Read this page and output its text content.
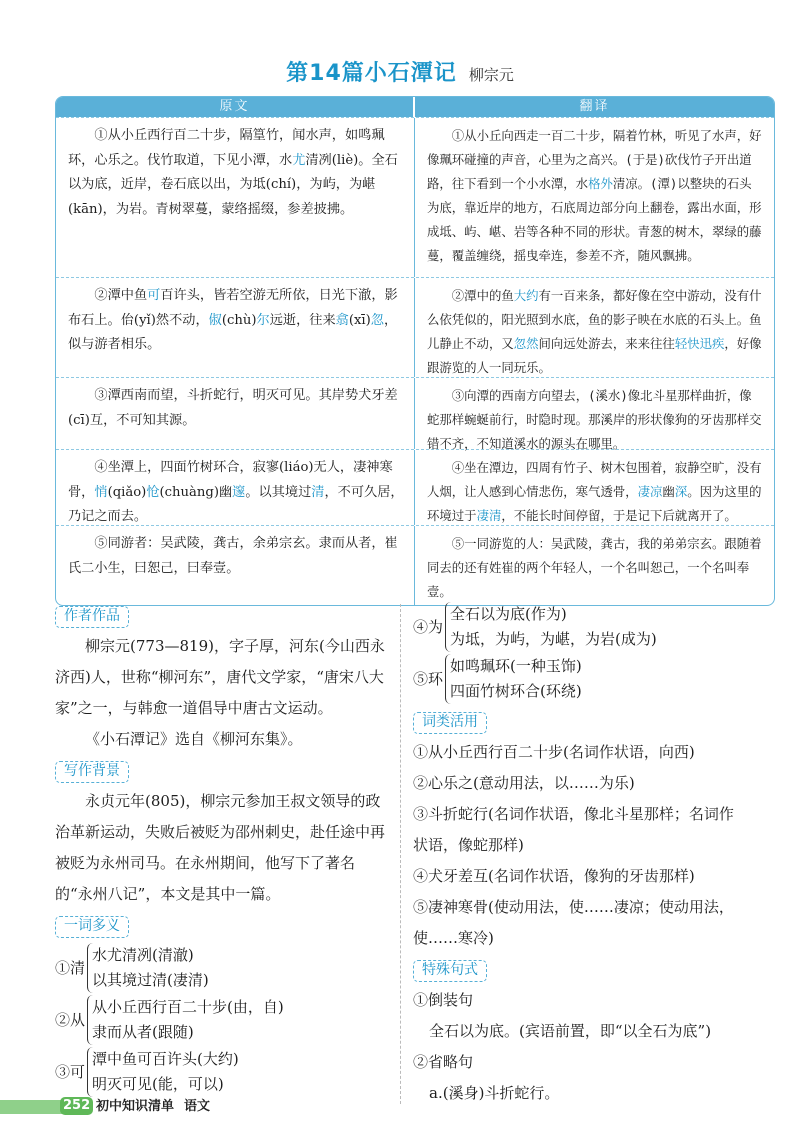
第14篇小石潭记 柳宗元
原文	翻译
①从小丘西行百二十步，隔篁竹，闻水声，如鸣珮环，心乐之。伐竹取道，下见小潭，水尤清冽(liè)。全石以为底，近岸，卷石底以出，为坻(chí)，为屿，为嵁(kān)，为岩。青树翠蔓，蒙络摇缀，参差披拂。
①从小丘向西走一百二十步，隔着竹林，听见了水声，好像珮环碰撞的声音，心里为之高兴。(于是)砍伐竹子开出道路，往下看到一个小水潭，水格外清凉。(潭)以整块的石头为底，靠近岸的地方，石底周边部分向上翻卷，露出水面，形成坻、屿、嵁、岩等各种不同的形状。青葱的树木，翠绿的藤蔓，覆盖缠绕，摇曳牵连，参差不齐，随风飘拂。
②潭中鱼可百许头，皆若空游无所依，日光下澈，影布石上。佁(yǐ)然不动，俶(chù)尔远逝，往来翕(xī)忽，似与游者相乐。
②潭中的鱼大约有一百来条，都好像在空中游动，没有什么依凭似的，阳光照到水底，鱼的影子映在水底的石头上。鱼儿静止不动，又忽然间向远处游去，来来往往轻快迅疾，好像跟游览的人一同玩乐。
③潭西南而望，斗折蛇行，明灭可见。其岸势犬牙差(cī)互，不可知其源。
③向潭的西南方向望去，(溪水)像北斗星那样曲折，像蛇那样蜿蜒前行，时隐时现。那溪岸的形状像狗的牙齿那样交错不齐，不知道溪水的源头在哪里。
④坐潭上，四面竹树环合，寂寥(liáo)无人，凄神寒骨，悄(qiǎo)怆(chuàng)幽邃。以其境过清，不可久居，乃记之而去。
④坐在潭边，四周有竹子、树木包围着，寂静空旷，没有人烟，让人感到心情悲伤，寒气透骨，凄凉幽深。因为这里的环境过于凄清，不能长时间停留，于是记下后就离开了。
⑤同游者：吴武陵，龚古，余弟宗玄。隶而从者，崔氏二小生，曰恕己，曰奉壹。
⑤一同游览的人：吴武陵，龚古，我的弟弟宗玄。跟随着同去的还有姓崔的两个年轻人，一个名叫恕己，一个名叫奉壹。
作者作品
柳宗元(773—819)，字子厚，河东(今山西永济西)人，世称“柳河东”，唐代文学家，“唐宋八大家”之一，与韩愈一道倡导中唐古文运动。
《小石潭记》选自《柳河东集》。
写作背景
永贞元年(805)，柳宗元参加王叔文领导的政治革新运动，失败后被贬为邵州刺史，赴任途中再被贬为永州司马。在永州期间，他写下了著名的“永州八记”，本文是其中一篇。
一词多义
①清
水尤清冽(清澈)
以其境过清(凄清)
②从
从小丘西行百二十步(由，自)
隶而从者(跟随)
③可
潭中鱼可百许头(大约)
明灭可见(能，可以)
④为
全石以为底(作为)
为坻，为屿，为嵁，为岩(成为)
⑤环
如鸣珮环(一种玉饰)
四面竹树环合(环绕)
词类活用
①从小丘西行百二十步(名词作状语，向西)
②心乐之(意动用法，以……为乐)
③斗折蛇行(名词作状语，像北斗星那样；名词作
状语，像蛇那样)
④犬牙差互(名词作状语，像狗的牙齿那样)
⑤凄神寒骨(使动用法，使……凄凉；使动用法，
使……寒冷)
特殊句式
①倒装句
全石以为底。(宾语前置，即“以全石为底”)
②省略句
a.(溪身)斗折蛇行。
252 初中知识清单 语文
